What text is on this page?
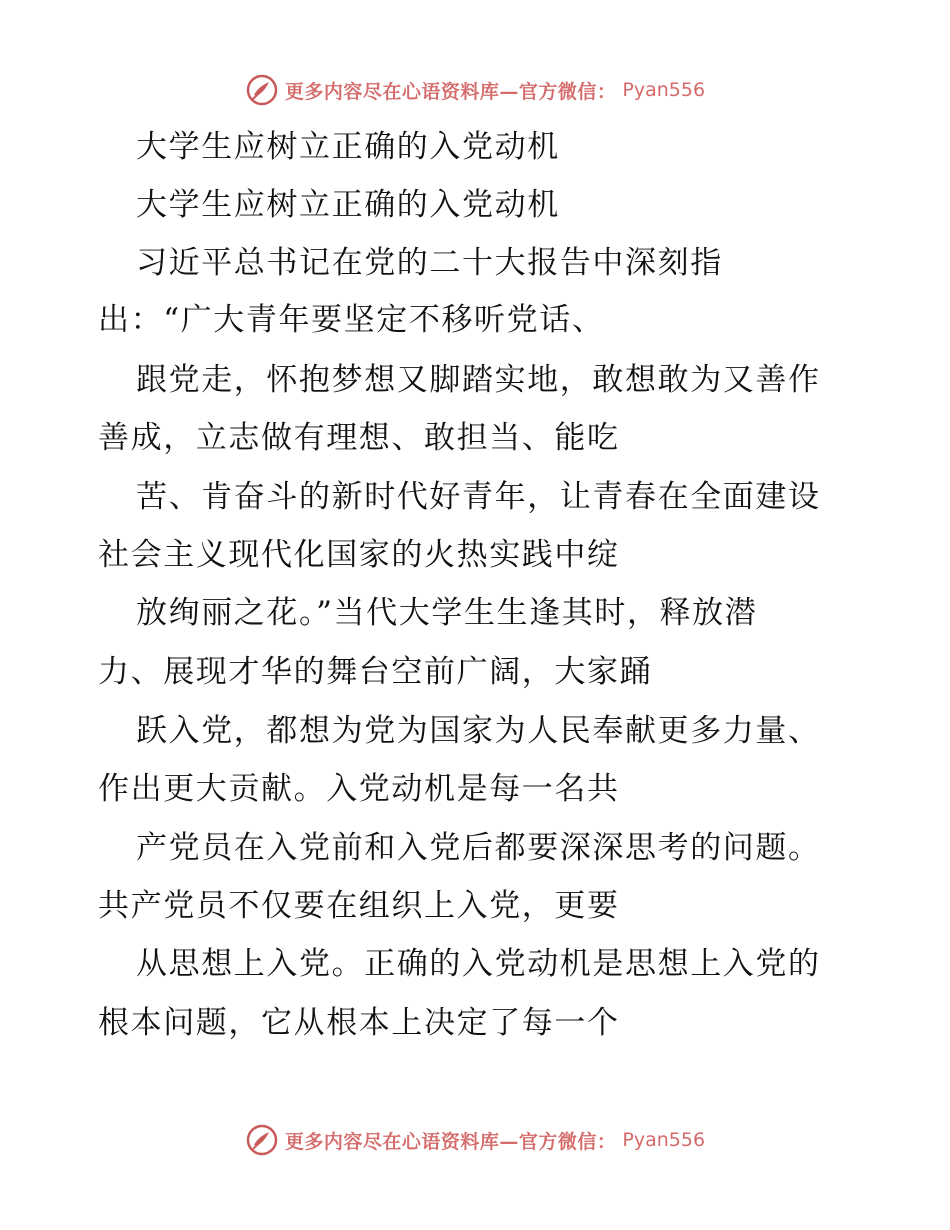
更多内容尽在心语资料库—官方微信： Pyan556
大学生应树立正确的入党动机
大学生应树立正确的入党动机
习近平总书记在党的二十大报告中深刻指
出：“广大青年要坚定不移听党话、
跟党走，怀抱梦想又脚踏实地，敢想敢为又善作
善成，立志做有理想、敢担当、能吃
苦、肯奋斗的新时代好青年，让青春在全面建设
社会主义现代化国家的火热实践中绽
放绚丽之花。”当代大学生生逢其时，释放潜
力、展现才华的舞台空前广阔，大家踊
跃入党，都想为党为国家为人民奉献更多力量、
作出更大贡献。入党动机是每一名共
产党员在入党前和入党后都要深深思考的问题。
共产党员不仅要在组织上入党，更要
从思想上入党。正确的入党动机是思想上入党的
根本问题，它从根本上决定了每一个
更多内容尽在心语资料库—官方微信： Pyan556
